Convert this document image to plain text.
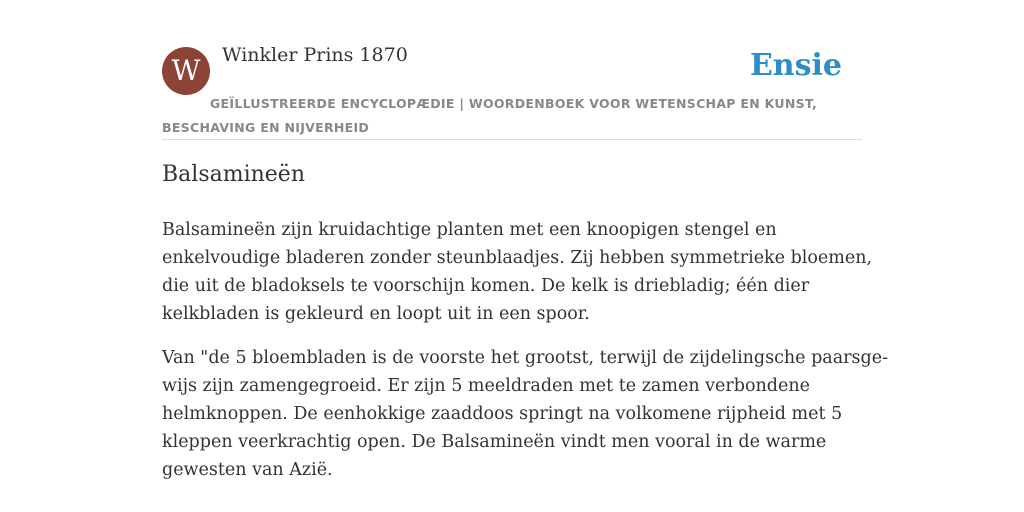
W	Winkler Prins 1870	Ensie
GEÏLLUSTREERDE ENCYCLOPÆDIE | WOORDENBOEK VOOR WETENSCHAP EN KUNST, BESCHAVING EN NIJVERHEID
Balsamineën

Balsamineën zijn kruidachtige planten met een knoopigen stengel en
enkelvoudige bladeren zonder steunblaadjes. Zij hebben symmetrieke bloemen,
die uit de bladoksels te voorschijn komen. De kelk is driebladig; één dier
kelkbladen is gekleurd en loopt uit in een spoor.

Van "de 5 bloembladen is de voorste het grootst, terwijl de zijdelingsche paarsge-
wijs zijn zamengegroeid. Er zijn 5 meeldraden met te zamen verbondene
helmknoppen. De eenhokkige zaaddoos springt na volkomene rijpheid met 5
kleppen veerkrachtig open. De Balsamineën vindt men vooral in de warme
gewesten van Azië.
